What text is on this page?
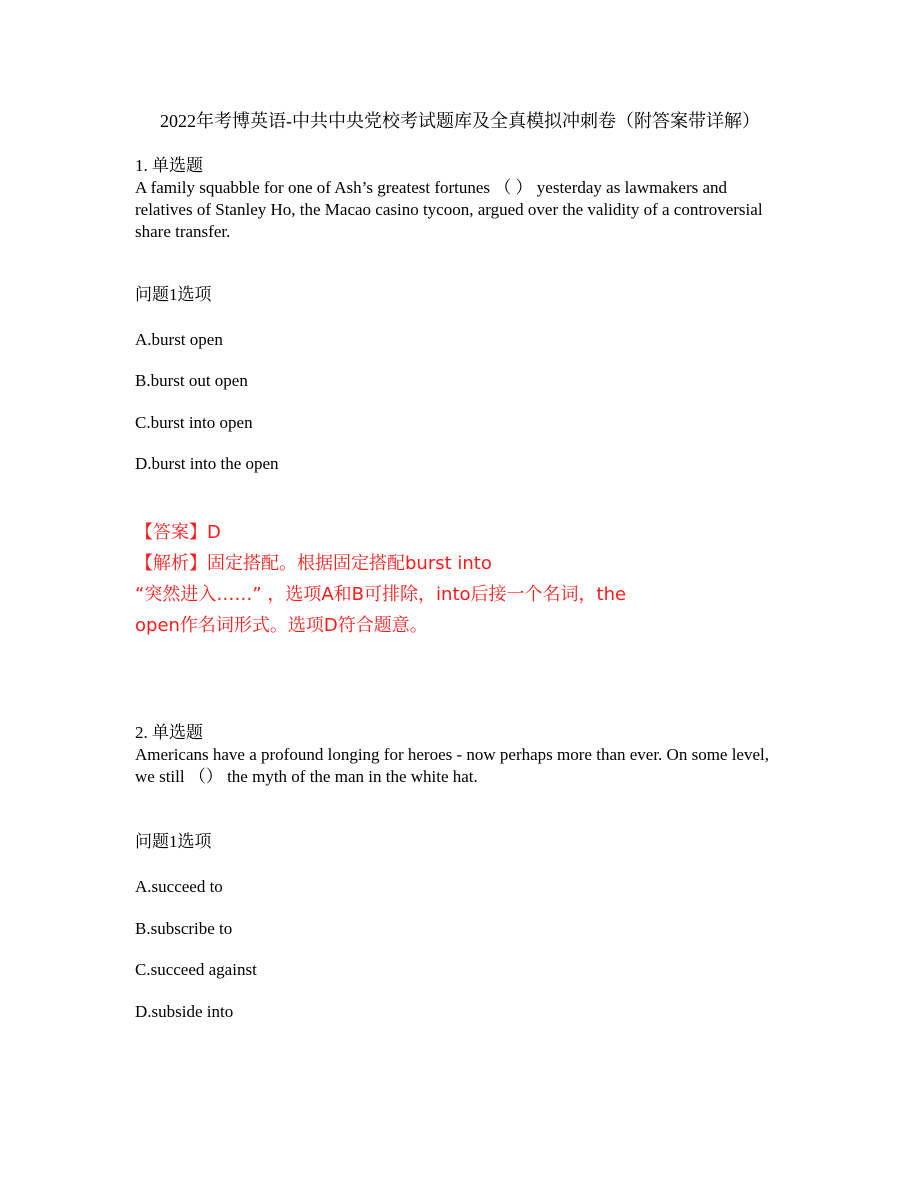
2022年考博英语-中共中央党校考试题库及全真模拟冲刺卷（附答案带详解）
1. 单选题
A family squabble for one of Ash’s greatest fortunes （ ） yesterday as lawmakers and relatives of Stanley Ho, the Macao casino tycoon, argued over the validity of a controversial share transfer.
问题1选项
A.burst open
B.burst out open
C.burst into open
D.burst into the open
【答案】D
【解析】固定搭配。根据固定搭配burst into
“突然进入……” ，选项A和B可排除，into后接一个名词，the
open作名词形式。选项D符合题意。
2. 单选题
Americans have a profound longing for heroes - now perhaps more than ever. On some level, we still （） the myth of the man in the white hat.
问题1选项
A.succeed to
B.subscribe to
C.succeed against
D.subside into
